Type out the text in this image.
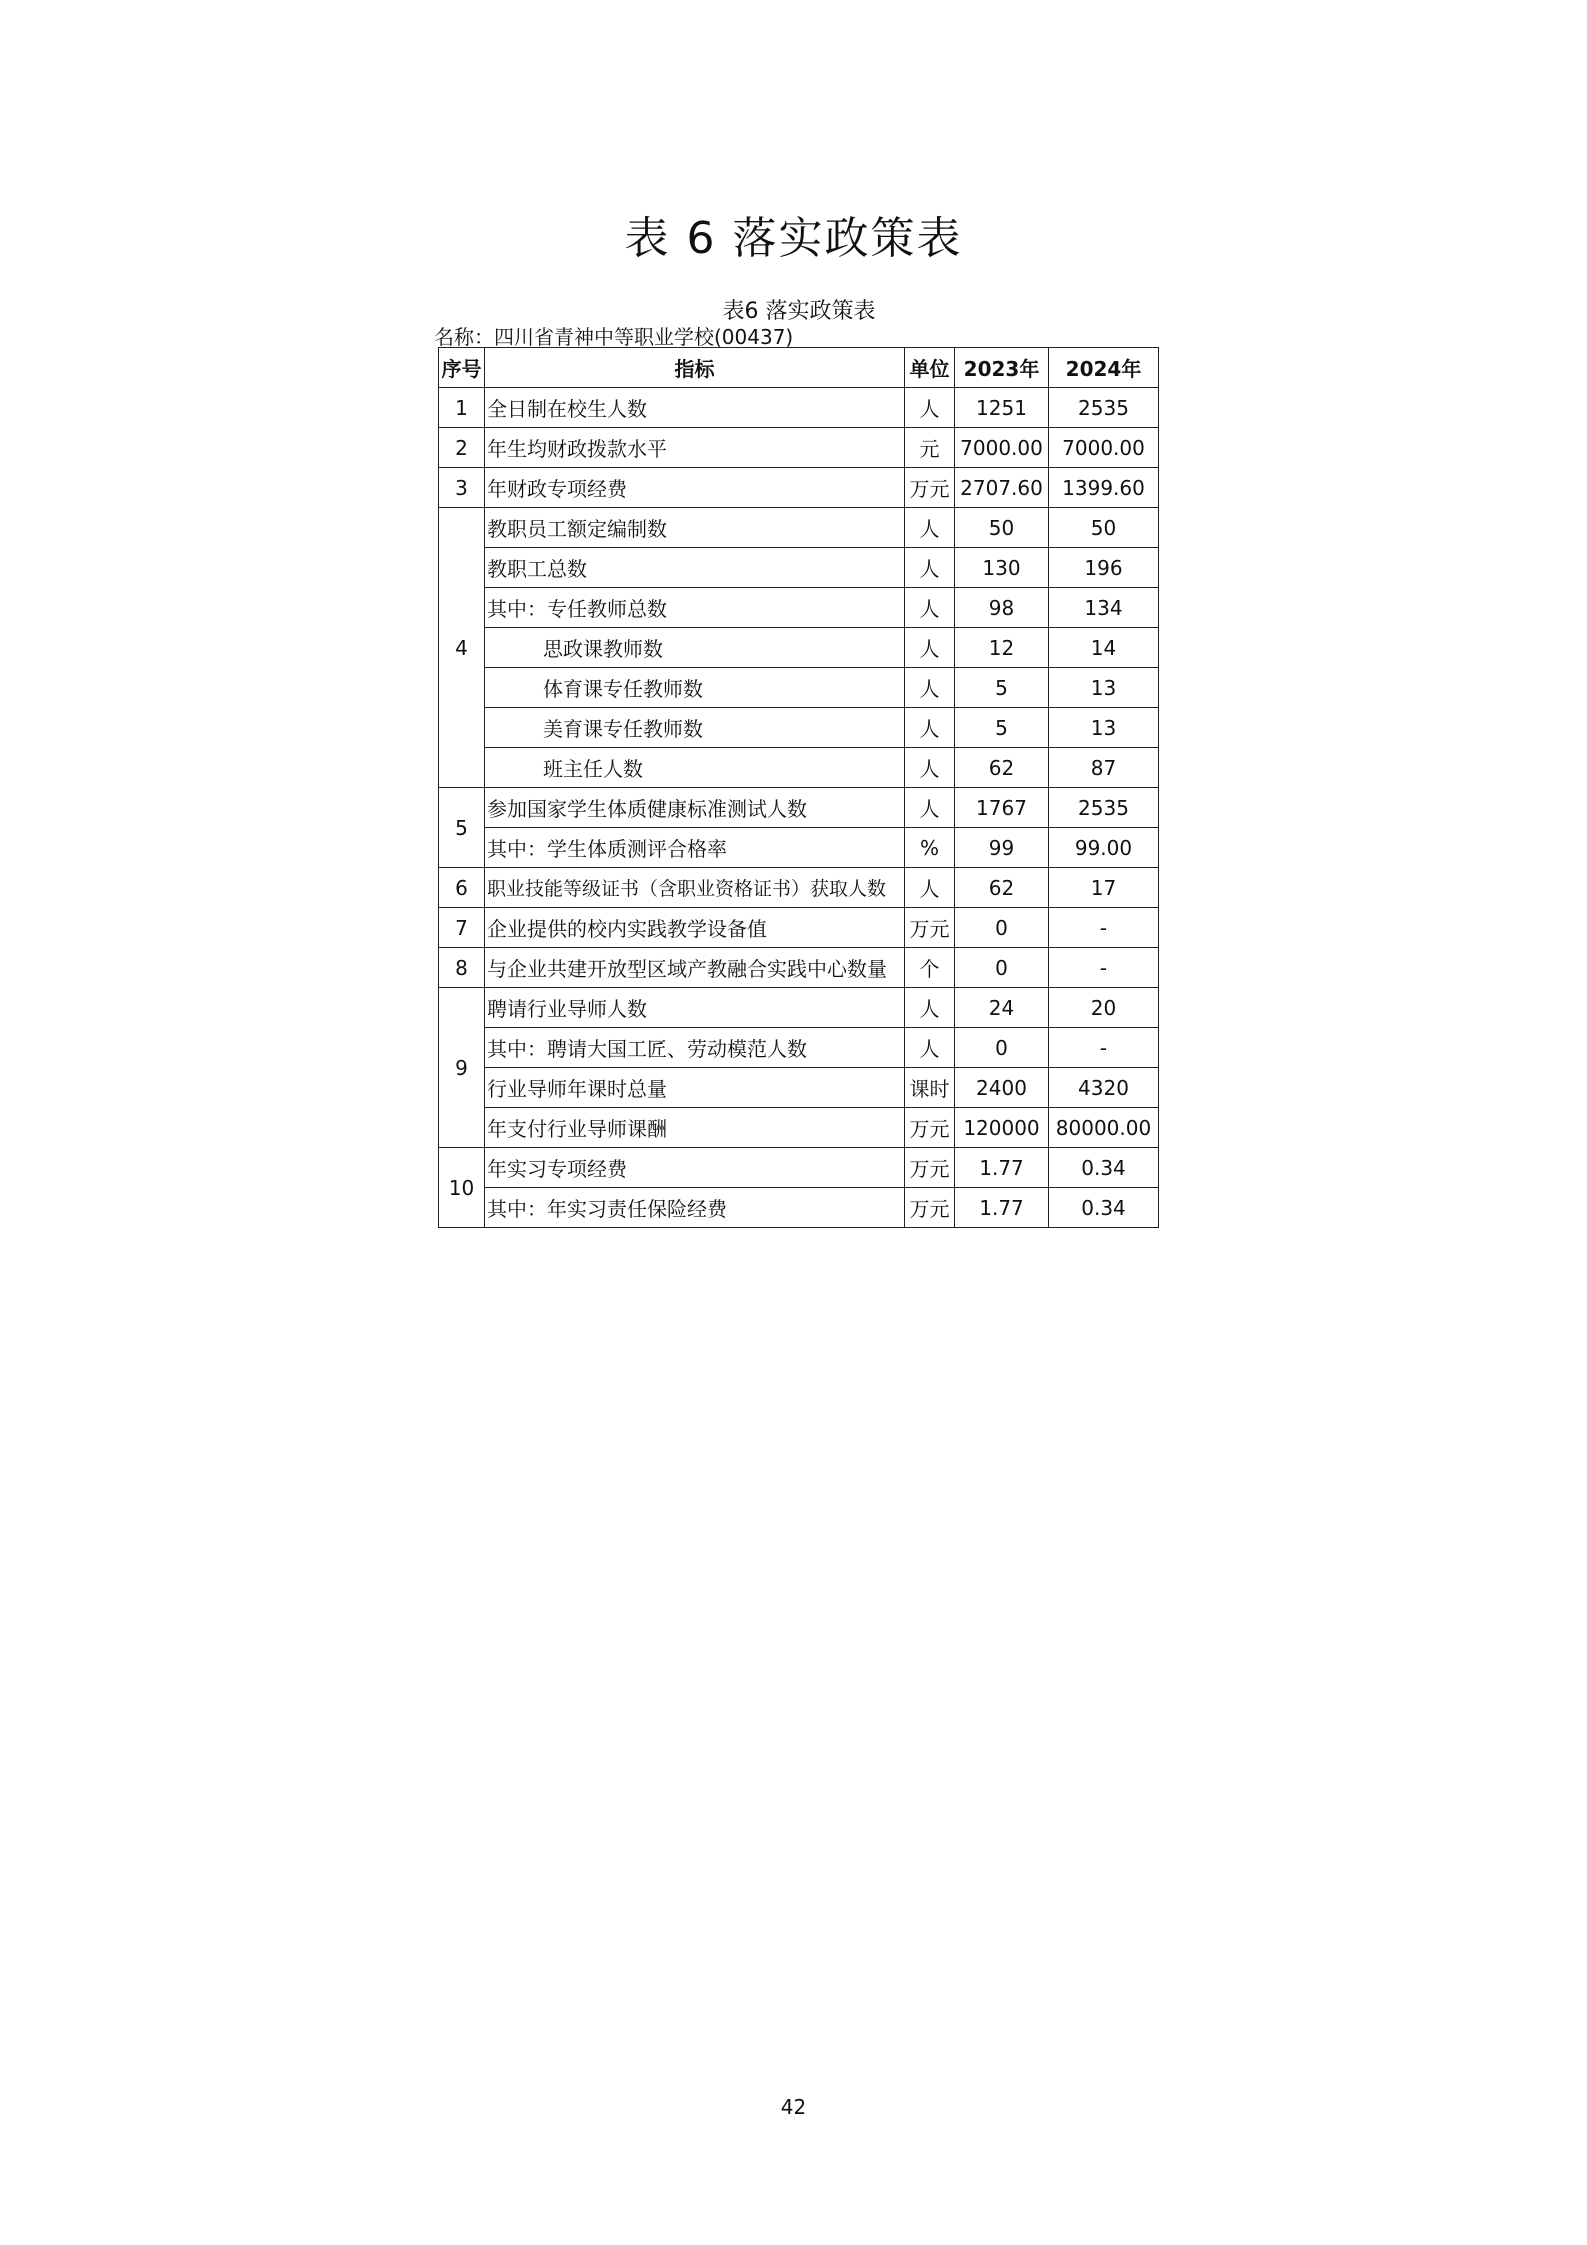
表 6 落实政策表
表6 落实政策表
名称：四川省青神中等职业学校(00437)
序号	指标	单位	2023年	2024年
1	全日制在校生人数	人	1251	2535
2	年生均财政拨款水平	元	7000.00	7000.00
3	年财政专项经费	万元	2707.60	1399.60
4	教职员工额定编制数	人	50	50
	教职工总数	人	130	196
	其中：专任教师总数	人	98	134
	思政课教师数	人	12	14
	体育课专任教师数	人	5	13
	美育课专任教师数	人	5	13
	班主任人数	人	62	87
5	参加国家学生体质健康标准测试人数	人	1767	2535
	其中：学生体质测评合格率	%	99	99.00
6	职业技能等级证书（含职业资格证书）获取人数	人	62	17
7	企业提供的校内实践教学设备值	万元	0	-
8	与企业共建开放型区域产教融合实践中心数量	个	0	-
9	聘请行业导师人数	人	24	20
	其中：聘请大国工匠、劳动模范人数	人	0	-
	行业导师年课时总量	课时	2400	4320
	年支付行业导师课酬	万元	120000	80000.00
10	年实习专项经费	万元	1.77	0.34
	其中：年实习责任保险经费	万元	1.77	0.34
42
